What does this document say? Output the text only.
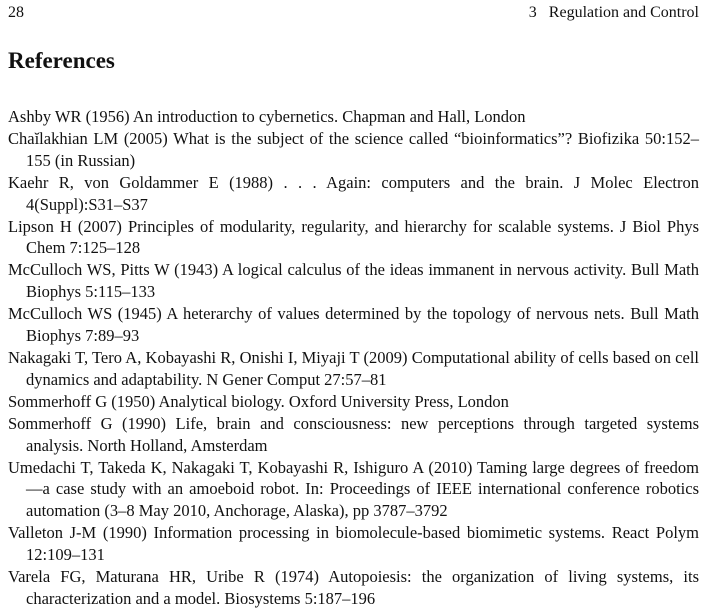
28	3   Regulation and Control
References
Ashby WR (1956) An introduction to cybernetics. Chapman and Hall, London
Chaĭlakhian LM (2005) What is the subject of the science called “bioinformatics”? Biofizika 50:152–155 (in Russian)
Kaehr R, von Goldammer E (1988) . . . Again: computers and the brain. J Molec Electron 4(Suppl):S31–S37
Lipson H (2007) Principles of modularity, regularity, and hierarchy for scalable systems. J Biol Phys Chem 7:125–128
McCulloch WS, Pitts W (1943) A logical calculus of the ideas immanent in nervous activity. Bull Math Biophys 5:115–133
McCulloch WS (1945) A heterarchy of values determined by the topology of nervous nets. Bull Math Biophys 7:89–93
Nakagaki T, Tero A, Kobayashi R, Onishi I, Miyaji T (2009) Computational ability of cells based on cell dynamics and adaptability. N Gener Comput 27:57–81
Sommerhoff G (1950) Analytical biology. Oxford University Press, London
Sommerhoff G (1990) Life, brain and consciousness: new perceptions through targeted systems analysis. North Holland, Amsterdam
Umedachi T, Takeda K, Nakagaki T, Kobayashi R, Ishiguro A (2010) Taming large degrees of freedom—a case study with an amoeboid robot. In: Proceedings of IEEE international conference robotics automation (3–8 May 2010, Anchorage, Alaska), pp 3787–3792
Valleton J-M (1990) Information processing in biomolecule-based biomimetic systems. React Polym 12:109–131
Varela FG, Maturana HR, Uribe R (1974) Autopoiesis: the organization of living systems, its characterization and a model. Biosystems 5:187–196
